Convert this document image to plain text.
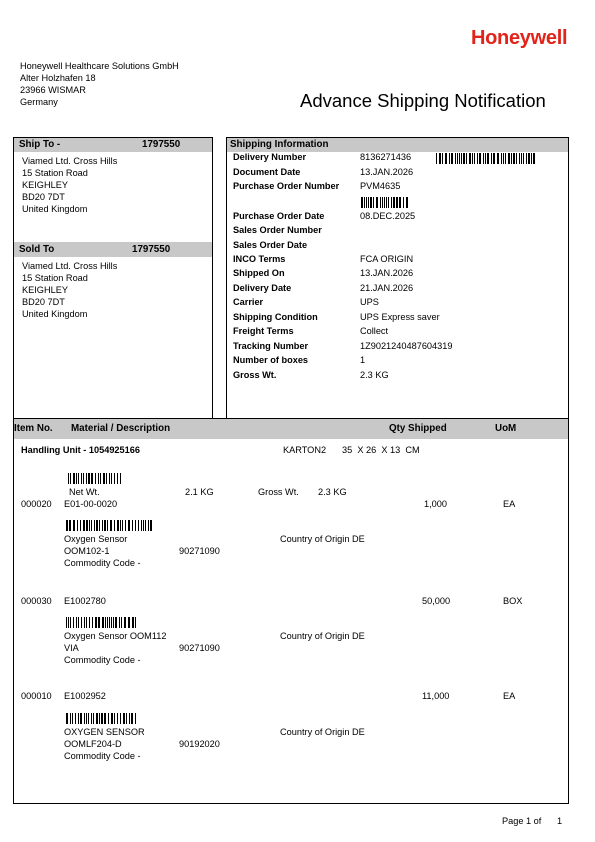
Honeywell
Honeywell Healthcare Solutions GmbH
Alter Holzhafen 18
23966 WISMAR
Germany	Advance Shipping Notification
Ship To -	1797550
Viamed Ltd. Cross Hills
15 Station Road
KEIGHLEY
BD20 7DT
United Kingdom
Sold To	1797550
Viamed Ltd. Cross Hills
15 Station Road
KEIGHLEY
BD20 7DT
United Kingdom
Shipping Information
Delivery Number	8136271436
Document Date	13.JAN.2026
Purchase Order Number PVM4635
Purchase Order Date	08.DEC.2025
Sales Order Number
Sales Order Date
INCO Terms	FCA ORIGIN
Shipped On	13.JAN.2026
Delivery Date	21.JAN.2026
Carrier	UPS
Shipping Condition	UPS Express saver
Freight Terms	Collect
Tracking Number	1Z9021240487604319
Number of boxes	1
Gross Wt.	2.3 KG
Item No. Material / Description	Qty Shipped	UoM
Handling Unit - 1054925166	KARTON2 35  X 26  X 13  CM
Net Wt.	2.1 KG	Gross Wt. 2.3 KG
000020 E01-00-0020	1,000	EA
Oxygen Sensor	Country of Origin DE
OOM102-1	90271090
Commodity Code -
000030 E1002780	50,000	BOX
Oxygen Sensor OOM112	Country of Origin DE
VIA	90271090
Commodity Code -
000010 E1002952	11,000	EA
OXYGEN SENSOR	Country of Origin DE
OOMLF204-D	90192020
Commodity Code -
Page 1 of 1
